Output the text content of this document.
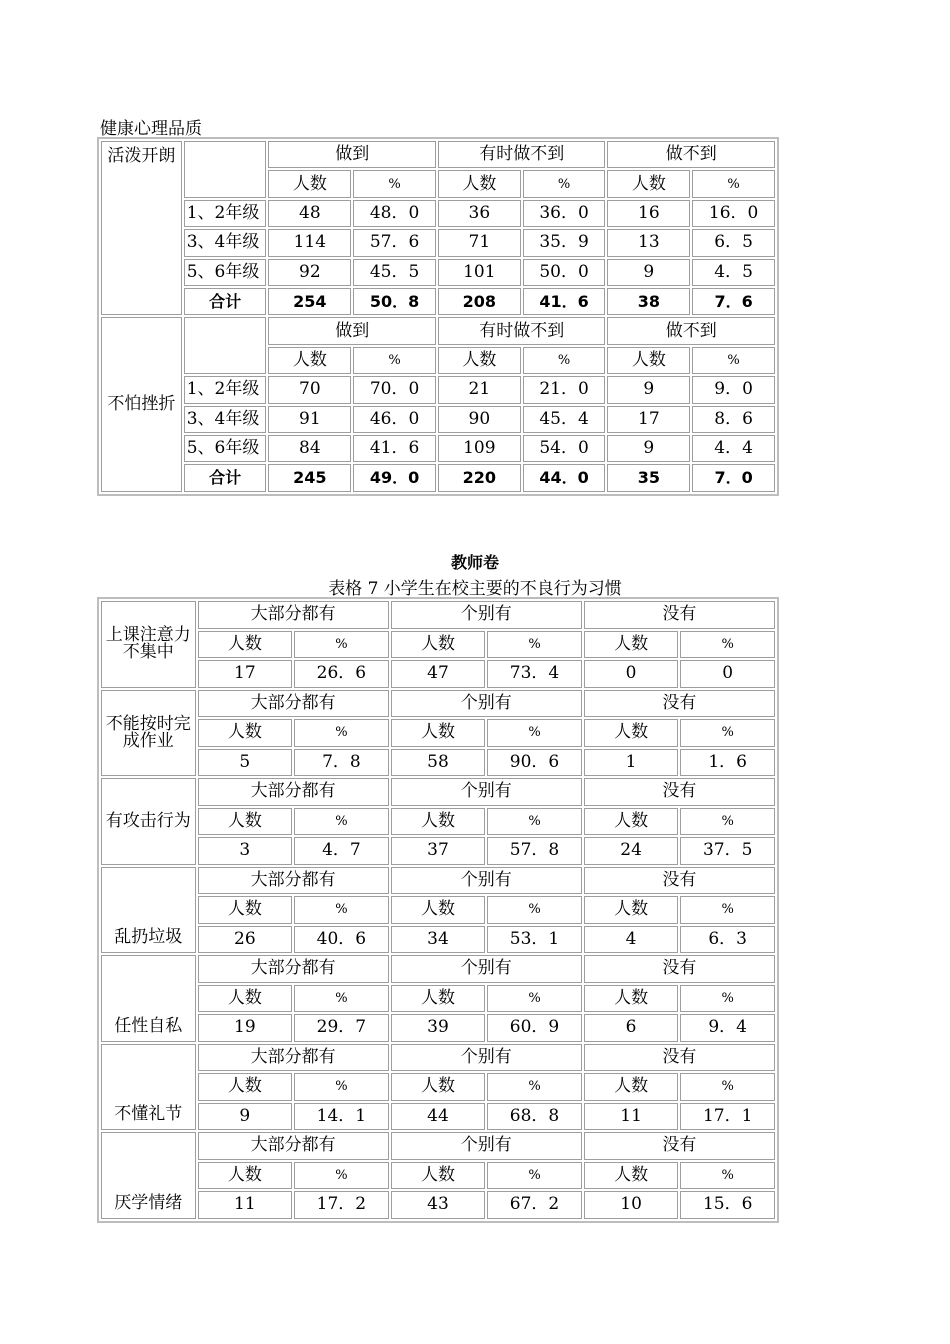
健康心理品质
活泼开朗		做到		有时做不到		做不到	
		人数	%	人数	%	人数	%
	1、2年级	48	48．0	36	36．0	16	16．0
	3、4年级	114	57．6	71	35．9	13	6．5
	5、6年级	92	45．5	101	50．0	9	4．5
	合计	254	50．8	208	41．6	38	7．6
不怕挫折		做到		有时做不到		做不到	
		人数	%	人数	%	人数	%
	1、2年级	70	70．0	21	21．0	9	9．0
	3、4年级	91	46．0	90	45．4	17	8．6
	5、6年级	84	41．6	109	54．0	9	4．4
	合计	245	49．0	220	44．0	35	7．0
教师卷
表格 7 小学生在校主要的不良行为习惯
上课注意力不集中	大部分都有		个别有		没有	
	人数	%	人数	%	人数	%
	17	26．6	47	73．4	0	0
不能按时完成作业	大部分都有		个别有		没有	
	人数	%	人数	%	人数	%
	5	7．8	58	90．6	1	1．6
有攻击行为	大部分都有		个别有		没有	
	人数	%	人数	%	人数	%
	3	4．7	37	57．8	24	37．5
乱扔垃圾	大部分都有		个别有		没有	
	人数	%	人数	%	人数	%
	26	40．6	34	53．1	4	6．3
任性自私	大部分都有		个别有		没有	
	人数	%	人数	%	人数	%
	19	29．7	39	60．9	6	9．4
不懂礼节	大部分都有		个别有		没有	
	人数	%	人数	%	人数	%
	9	14．1	44	68．8	11	17．1
厌学情绪	大部分都有		个别有		没有	
	人数	%	人数	%	人数	%
	11	17．2	43	67．2	10	15．6
